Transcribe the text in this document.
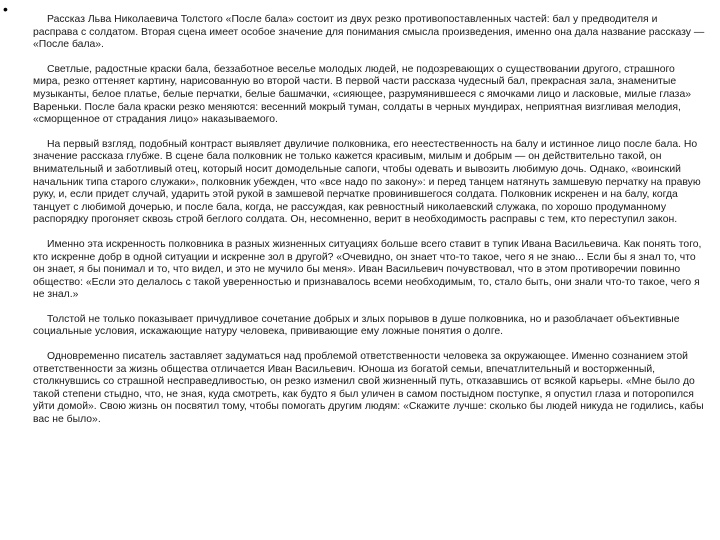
•

Рассказ Льва Николаевича Толстого «После бала» состоит из двух резко противопоставленных частей: бал у предводителя и расправа с солдатом. Вторая сцена имеет особое значение для понимания смысла произведения, именно она дала название рассказу — «После бала».

Светлые, радостные краски бала, беззаботное веселье молодых людей, не подозревающих о существовании другого, страшного мира, резко оттеняет картину, нарисованную во второй части. В первой части рассказа чудесный бал, прекрасная зала, знаменитые музыканты, белое платье, белые перчатки, белые башмачки, «сияющее, разрумянившееся с ямочками лицо и ласковые, милые глаза» Вареньки. После бала краски резко меняются: весенний мокрый туман, солдаты в черных мундирах, неприятная визгливая мелодия, «сморщенное от страдания лицо» наказываемого.

На первый взгляд, подобный контраст выявляет двуличие полковника, его неестественность на балу и истинное лицо после бала. Но значение рассказа глубже. В сцене бала полковник не только кажется красивым, милым и добрым — он действительно такой, он внимательный и заботливый отец, который носит домодельные сапоги, чтобы одевать и вывозить любимую дочь. Однако, «воинский начальник типа старого служаки», полковник убежден, что «все надо по закону»: и перед танцем натянуть замшевую перчатку на правую руку, и, если придет случай, ударить этой рукой в замшевой перчатке провинившегося солдата. Полковник искренен и на балу, когда танцует с любимой дочерью, и после бала, когда, не рассуждая, как ревностный николаевский служака, по хорошо продуманному распорядку прогоняет сквозь строй беглого солдата. Он, несомненно, верит в необходимость расправы с тем, кто переступил закон.

Именно эта искренность полковника в разных жизненных ситуациях больше всего ставит в тупик Ивана Васильевича. Как понять того, кто искренне добр в одной ситуации и искренне зол в другой? «Очевидно, он знает что-то такое, чего я не знаю... Если бы я знал то, что он знает, я бы понимал и то, что видел, и это не мучило бы меня». Иван Васильевич почувствовал, что в этом противоречии повинно общество: «Если это делалось с такой уверенностью и признавалось всеми необходимым, то, стало быть, они знали что-то такое, чего я не знал.»

Толстой не только показывает причудливое сочетание добрых и злых порывов в душе полковника, но и разоблачает объективные социальные условия, искажающие натуру человека, прививающие ему ложные понятия о долге.

Одновременно писатель заставляет задуматься над проблемой ответственности человека за окружающее. Именно сознанием этой ответственности за жизнь общества отличается Иван Васильевич. Юноша из богатой семьи, впечатлительный и восторженный, столкнувшись со страшной несправедливостью, он резко изменил свой жизненный путь, отказавшись от всякой карьеры. «Мне было до такой степени стыдно, что, не зная, куда смотреть, как будто я был уличен в самом постыдном поступке, я опустил глаза и поторопился уйти домой». Свою жизнь он посвятил тому, чтобы помогать другим людям: «Скажите лучше: сколько бы людей никуда не годились, кабы вас не было».
